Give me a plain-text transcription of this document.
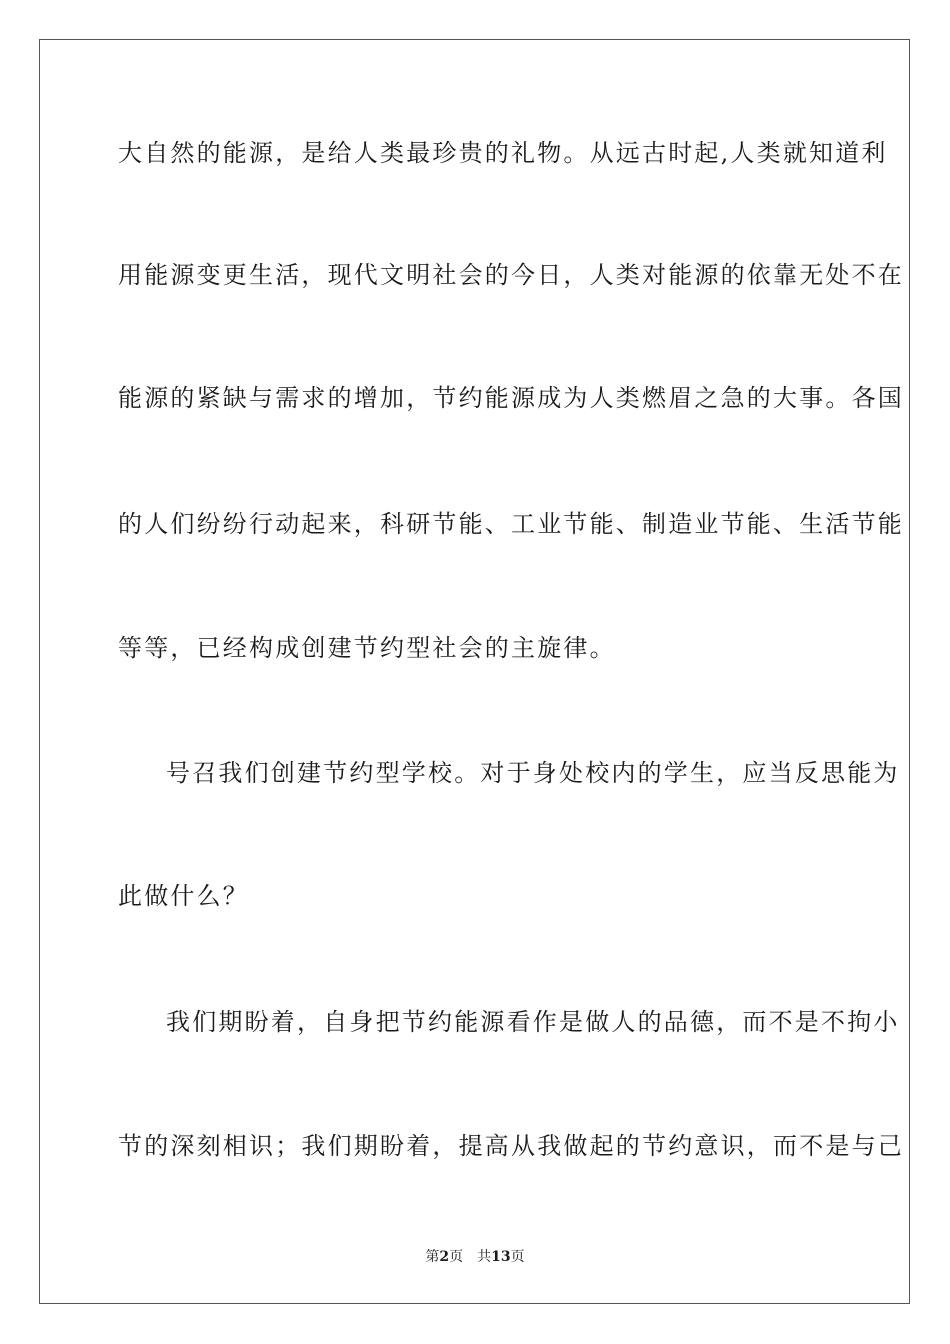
大自然的能源，是给人类最珍贵的礼物。从远古时起,人类就知道利
用能源变更生活，现代文明社会的今日，人类对能源的依靠无处不在
能源的紧缺与需求的增加，节约能源成为人类燃眉之急的大事。各国
的人们纷纷行动起来，科研节能、工业节能、制造业节能、生活节能
等等，已经构成创建节约型社会的主旋律。
号召我们创建节约型学校。对于身处校内的学生，应当反思能为
此做什么？
我们期盼着，自身把节约能源看作是做人的品德，而不是不拘小
节的深刻相识；我们期盼着，提高从我做起的节约意识，而不是与己
第2页 共13页
